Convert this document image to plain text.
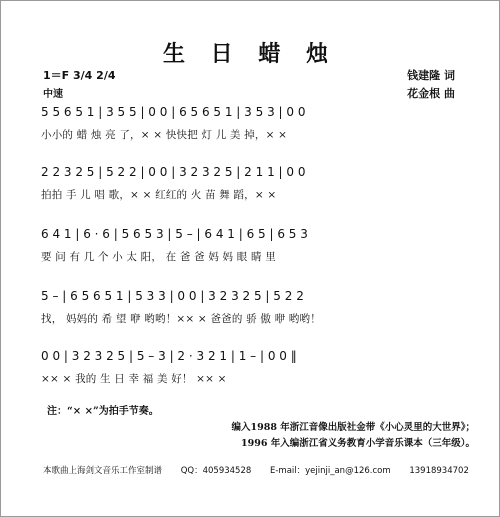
生 日 蜡 烛
钱建隆 词
花金根 曲
1＝F 3/4 2/4
中速
5 5 6 5 1 | 3 5 5 | 0 0 | 6 5 6 5 1 | 3 5 3 | 0 0
小小的 蜡 烛 亮 了，× × 快快把 灯 儿 美 掉，× ×
2 2 3 2 5 | 5 2 2 | 0 0 | 3 2 3 2 5 | 2 1 1 | 0 0
拍拍 手 儿 唱 歌，× × 红红的 火 苗 舞 蹈，× ×
6 4 1 | 6 · 6 | 5 6 5 3 | 5 – | 6 4 1 | 6 5 | 6 5 3
要 问 有 几 个 小 太 阳， 在 爸 爸 妈 妈 眼 睛 里
5 – | 6 5 6 5 1 | 5 3 3 | 0 0 | 3 2 3 2 5 | 5 2 2
找， 妈妈的 希 望 咿 哟哟！×× × 爸爸的 骄 傲 咿 哟哟！
0 0 | 3 2 3 2 5 | 5 – 3 | 2 · 3 2 1 | 1 – | 0 0 ‖
×× × 我的 生 日 幸 福 美 好！ ×× ×
注：“× ×”为拍手节奏。
编入1988 年浙江音像出版社金带《小心灵里的大世界》；
1996 年入编浙江省义务教育小学音乐课本（三年级）。
本歌曲上海剑文音乐工作室制谱 QQ：405934528 E-mail：yejinji_an@126.com 13918934702
